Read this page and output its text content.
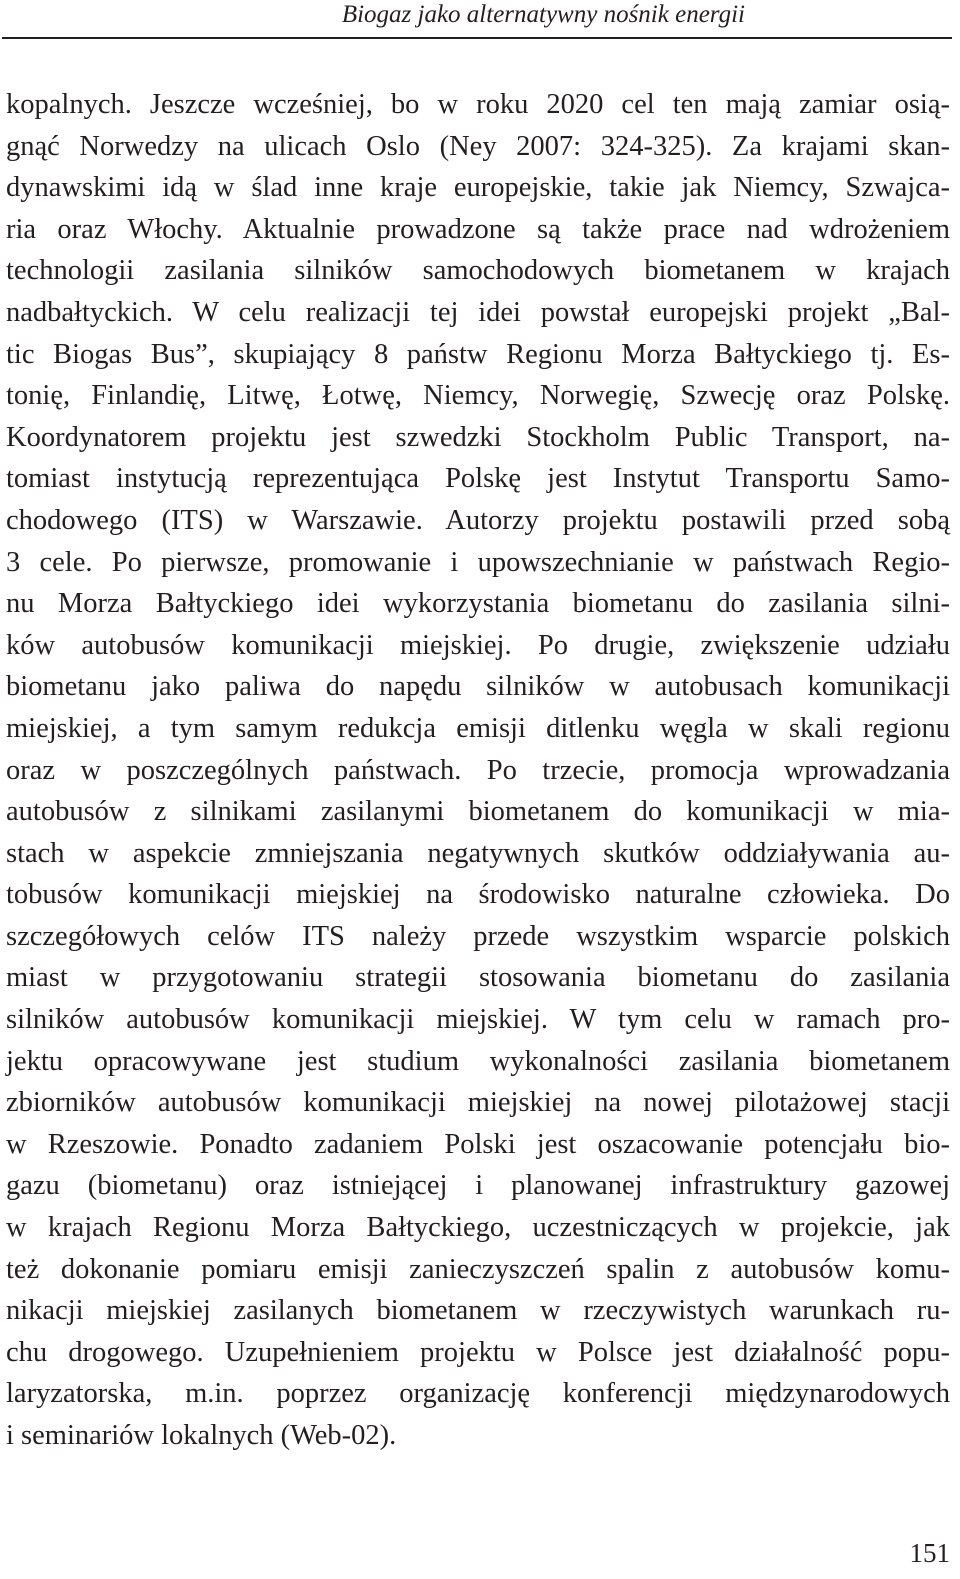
Biogaz jako alternatywny nośnik energii
kopalnych. Jeszcze wcześniej, bo w roku 2020 cel ten mają zamiar osią-
gnąć Norwedzy na ulicach Oslo (Ney 2007: 324-325). Za krajami skan-
dynawskimi idą w ślad inne kraje europejskie, takie jak Niemcy, Szwajca-
ria oraz Włochy. Aktualnie prowadzone są także prace nad wdrożeniem
technologii zasilania silników samochodowych biometanem w krajach
nadbałtyckich. W celu realizacji tej idei powstał europejski projekt „Bal-
tic Biogas Bus”, skupiający 8 państw Regionu Morza Bałtyckiego tj. Es-
tonię, Finlandię, Litwę, Łotwę, Niemcy, Norwegię, Szwecję oraz Polskę.
Koordynatorem projektu jest szwedzki Stockholm Public Transport, na-
tomiast instytucją reprezentująca Polskę jest Instytut Transportu Samo-
chodowego (ITS) w Warszawie. Autorzy projektu postawili przed sobą
3 cele. Po pierwsze, promowanie i upowszechnianie w państwach Regio-
nu Morza Bałtyckiego idei wykorzystania biometanu do zasilania silni-
ków autobusów komunikacji miejskiej. Po drugie, zwiększenie udziału
biometanu jako paliwa do napędu silników w autobusach komunikacji
miejskiej, a tym samym redukcja emisji ditlenku węgla w skali regionu
oraz w poszczególnych państwach. Po trzecie, promocja wprowadzania
autobusów z silnikami zasilanymi biometanem do komunikacji w mia-
stach w aspekcie zmniejszania negatywnych skutków oddziaływania au-
tobusów komunikacji miejskiej na środowisko naturalne człowieka. Do
szczegółowych celów ITS należy przede wszystkim wsparcie polskich
miast w przygotowaniu strategii stosowania biometanu do zasilania
silników autobusów komunikacji miejskiej. W tym celu w ramach pro-
jektu opracowywane jest studium wykonalności zasilania biometanem
zbiorników autobusów komunikacji miejskiej na nowej pilotażowej stacji
w Rzeszowie. Ponadto zadaniem Polski jest oszacowanie potencjału bio-
gazu (biometanu) oraz istniejącej i planowanej infrastruktury gazowej
w krajach Regionu Morza Bałtyckiego, uczestniczących w projekcie, jak
też dokonanie pomiaru emisji zanieczyszczeń spalin z autobusów komu-
nikacji miejskiej zasilanych biometanem w rzeczywistych warunkach ru-
chu drogowego. Uzupełnieniem projektu w Polsce jest działalność popu-
laryzatorska, m.in. poprzez organizację konferencji międzynarodowych
i seminariów lokalnych (Web-02).
151
